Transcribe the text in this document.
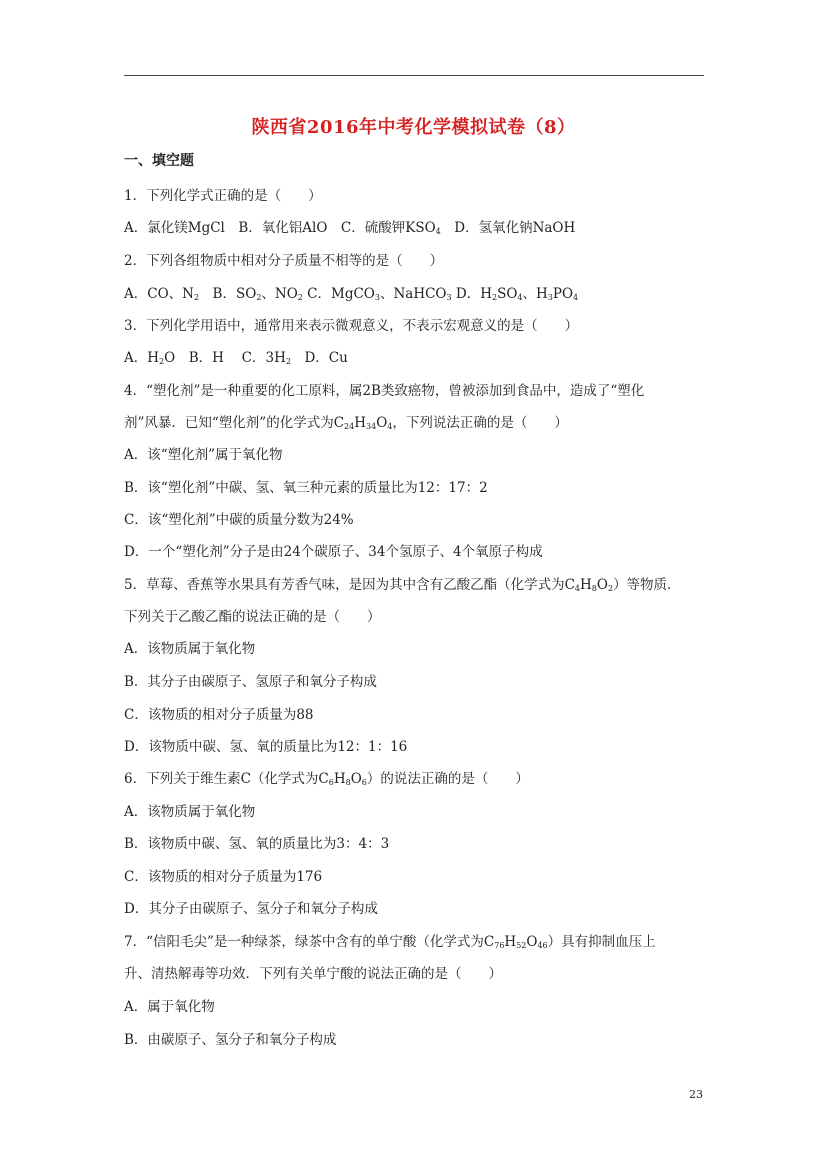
陕西省2016年中考化学模拟试卷（8）
一、填空题
1．下列化学式正确的是（　　）
A．氯化镁MgCl　B．氧化铝AlO　C．硫酸钾$KSO_4$　D．氢氧化钠NaOH
2．下列各组物质中相对分子质量不相等的是（　　）
A．CO、$N_2$　B．$SO_2$、$NO_2$ C．MgCO$_3$、NaHCO$_3$ D．$H_2SO_4$、$H_3PO_4$
3．下列化学用语中，通常用来表示微观意义，不表示宏观意义的是（　　）
A．$H_2O$　B．H　 C．$3H_2$　D．Cu
4．“塑化剂”是一种重要的化工原料，属2B类致癌物，曾被添加到食品中，造成了“塑化
剂”风暴．已知“塑化剂”的化学式为$C_{24}H_{34}O_4$，下列说法正确的是（　　）
A．该“塑化剂”属于氧化物
B．该“塑化剂”中碳、氢、氧三种元素的质量比为12：17：2
C．该“塑化剂”中碳的质量分数为24%
D．一个“塑化剂”分子是由24个碳原子、34个氢原子、4个氧原子构成
5．草莓、香蕉等水果具有芳香气味，是因为其中含有乙酸乙酯（化学式为$C_4H_8O_2$）等物质．
下列关于乙酸乙酯的说法正确的是（　　）
A．该物质属于氧化物
B．其分子由碳原子、氢原子和氧分子构成
C．该物质的相对分子质量为88
D．该物质中碳、氢、氧的质量比为12：1：16
6．下列关于维生素C（化学式为$C_6H_8O_6$）的说法正确的是（　　）
A．该物质属于氧化物
B．该物质中碳、氢、氧的质量比为3：4：3
C．该物质的相对分子质量为176
D．其分子由碳原子、氢分子和氧分子构成
7．“信阳毛尖”是一种绿茶，绿茶中含有的单宁酸（化学式为$C_{76}H_{52}O_{46}$）具有抑制血压上
升、清热解毒等功效．下列有关单宁酸的说法正确的是（　　）
A．属于氧化物
B．由碳原子、氢分子和氧分子构成
23
